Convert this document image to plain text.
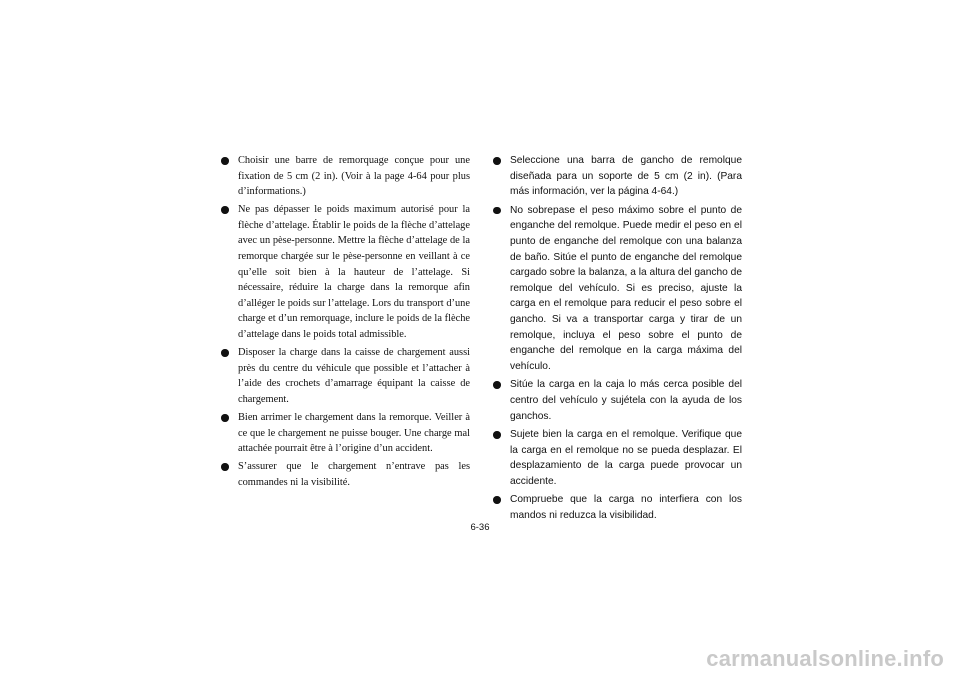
Choisir une barre de remorquage conçue pour une fixation de 5 cm (2 in). (Voir à la page 4-64 pour plus d’informations.)
Ne pas dépasser le poids maximum autorisé pour la flèche d’attelage. Établir le poids de la flèche d’attelage avec un pèse-personne. Mettre la flèche d’attelage de la remorque chargée sur le pèse-personne en veillant à ce qu’elle soit bien à la hauteur de l’attelage. Si nécessaire, réduire la charge dans la remorque afin d’alléger le poids sur l’attelage. Lors du transport d’une charge et d’un remorquage, inclure le poids de la flèche d’attelage dans le poids total admissible.
Disposer la charge dans la caisse de chargement aussi près du centre du véhicule que possible et l’attacher à l’aide des crochets d’amarrage équipant la caisse de chargement.
Bien arrimer le chargement dans la remorque. Veiller à ce que le chargement ne puisse bouger. Une charge mal attachée pourrait être à l’origine d’un accident.
S’assurer que le chargement n’entrave pas les commandes ni la visibilité.
Seleccione una barra de gancho de remolque diseñada para un soporte de 5 cm (2 in). (Para más información, ver la página 4-64.)
No sobrepase el peso máximo sobre el punto de enganche del remolque. Puede medir el peso en el punto de enganche del remolque con una balanza de baño. Sitúe el punto de enganche del remolque cargado sobre la balanza, a la altura del gancho de remolque del vehículo. Si es preciso, ajuste la carga en el remolque para reducir el peso sobre el gancho. Si va a transportar carga y tirar de un remolque, incluya el peso sobre el punto de enganche del remolque en la carga máxima del vehículo.
Sitúe la carga en la caja lo más cerca posible del centro del vehículo y sujétela con la ayuda de los ganchos.
Sujete bien la carga en el remolque. Verifique que la carga en el remolque no se pueda desplazar. El desplazamiento de la carga puede provocar un accidente.
Compruebe que la carga no interfiera con los mandos ni reduzca la visibilidad.
6-36
carmanualsonline.info
